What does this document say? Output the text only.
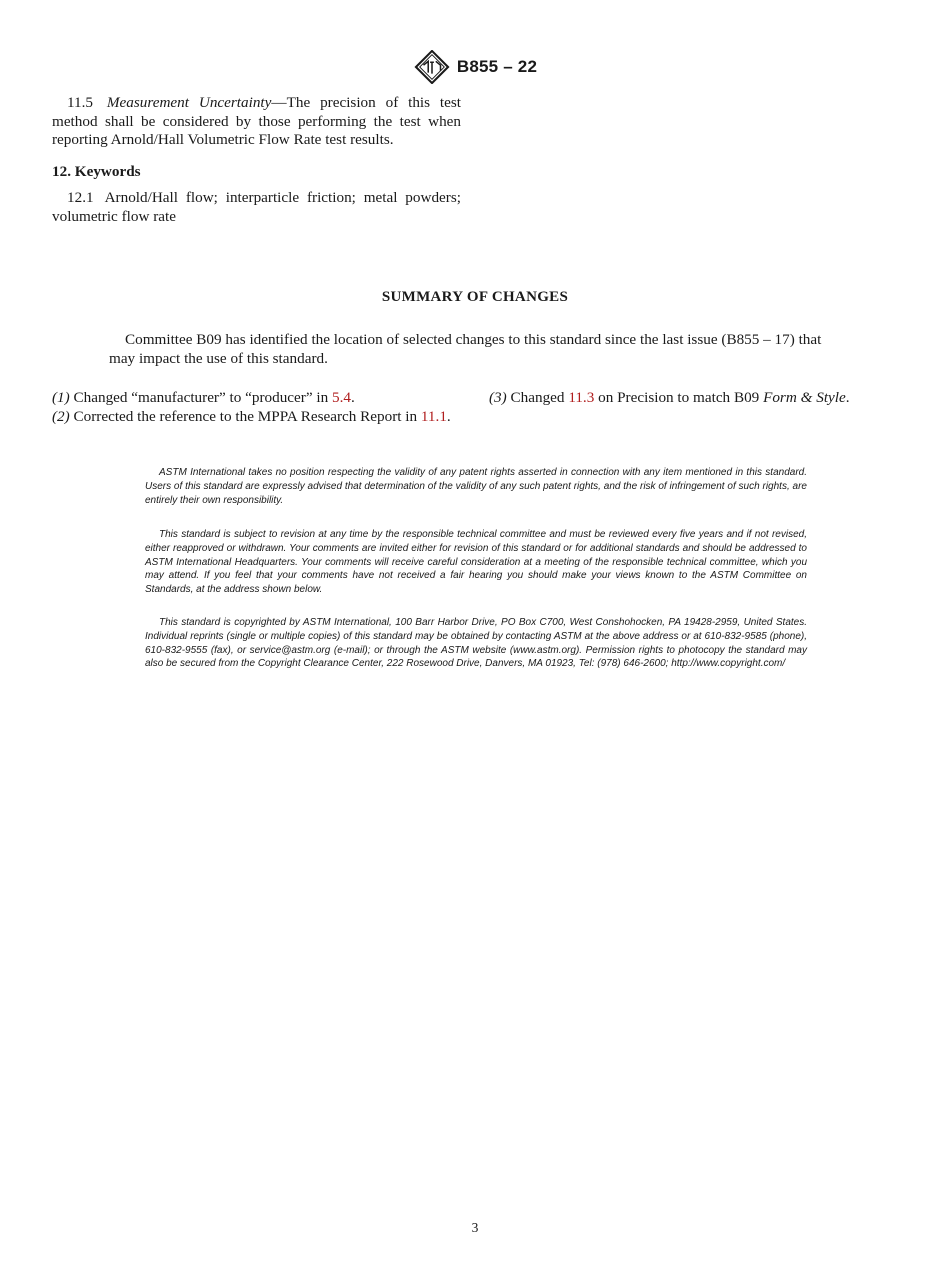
B855 – 22

11.5 Measurement Uncertainty—The precision of this test method shall be considered by those performing the test when reporting Arnold/Hall Volumetric Flow Rate test results.

12. Keywords

12.1 Arnold/Hall flow; interparticle friction; metal powders; volumetric flow rate

SUMMARY OF CHANGES

Committee B09 has identified the location of selected changes to this standard since the last issue (B855 – 17) that may impact the use of this standard.

(1) Changed “manufacturer” to “producer” in 5.4.

(2) Corrected the reference to the MPPA Research Report in 11.1.

(3) Changed 11.3 on Precision to match B09 Form & Style.

ASTM International takes no position respecting the validity of any patent rights asserted in connection with any item mentioned in this standard. Users of this standard are expressly advised that determination of the validity of any such patent rights, and the risk of infringement of such rights, are entirely their own responsibility.

This standard is subject to revision at any time by the responsible technical committee and must be reviewed every five years and if not revised, either reapproved or withdrawn. Your comments are invited either for revision of this standard or for additional standards and should be addressed to ASTM International Headquarters. Your comments will receive careful consideration at a meeting of the responsible technical committee, which you may attend. If you feel that your comments have not received a fair hearing you should make your views known to the ASTM Committee on Standards, at the address shown below.

This standard is copyrighted by ASTM International, 100 Barr Harbor Drive, PO Box C700, West Conshohocken, PA 19428-2959, United States. Individual reprints (single or multiple copies) of this standard may be obtained by contacting ASTM at the above address or at 610-832-9585 (phone), 610-832-9555 (fax), or service@astm.org (e-mail); or through the ASTM website (www.astm.org). Permission rights to photocopy the standard may also be secured from the Copyright Clearance Center, 222 Rosewood Drive, Danvers, MA 01923, Tel: (978) 646-2600; http://www.copyright.com/

3
